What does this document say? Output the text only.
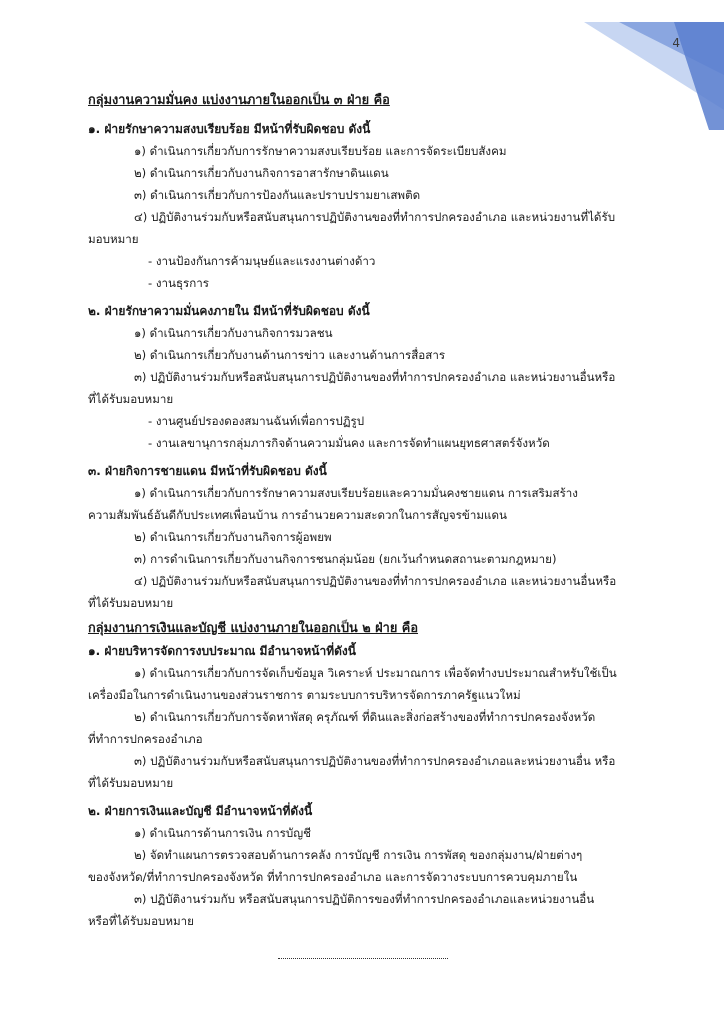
4
กลุ่มงานความมั่นคง แบ่งงานภายในออกเป็น ๓ ฝ่าย คือ
๑. ฝ่ายรักษาความสงบเรียบร้อย มีหน้าที่รับผิดชอบ ดังนี้
๑) ดำเนินการเกี่ยวกับการรักษาความสงบเรียบร้อย และการจัดระเบียบสังคม
๒) ดำเนินการเกี่ยวกับงานกิจการอาสารักษาดินแดน
๓) ดำเนินการเกี่ยวกับการป้องกันและปราบปรามยาเสพติด
๔) ปฏิบัติงานร่วมกับหรือสนับสนุนการปฏิบัติงานของที่ทำการปกครองอำเภอ และหน่วยงานที่ได้รับ
มอบหมาย
- งานป้องกันการค้ามนุษย์และแรงงานต่างด้าว
- งานธุรการ
๒. ฝ่ายรักษาความมั่นคงภายใน มีหน้าที่รับผิดชอบ ดังนี้
๑) ดำเนินการเกี่ยวกับงานกิจการมวลชน
๒) ดำเนินการเกี่ยวกับงานด้านการข่าว และงานด้านการสื่อสาร
๓) ปฏิบัติงานร่วมกับหรือสนับสนุนการปฏิบัติงานของที่ทำการปกครองอำเภอ และหน่วยงานอื่นหรือ
ที่ได้รับมอบหมาย
- งานศูนย์ปรองดองสมานฉันท์เพื่อการปฏิรูป
- งานเลขานุการกลุ่มภารกิจด้านความมั่นคง และการจัดทำแผนยุทธศาสตร์จังหวัด
๓. ฝ่ายกิจการชายแดน มีหน้าที่รับผิดชอบ ดังนี้
๑) ดำเนินการเกี่ยวกับการรักษาความสงบเรียบร้อยและความมั่นคงชายแดน การเสริมสร้าง
ความสัมพันธ์อันดีกับประเทศเพื่อนบ้าน การอำนวยความสะดวกในการสัญจรข้ามแดน
๒) ดำเนินการเกี่ยวกับงานกิจการผู้อพยพ
๓) การดำเนินการเกี่ยวกับงานกิจการชนกลุ่มน้อย (ยกเว้นกำหนดสถานะตามกฎหมาย)
๔) ปฏิบัติงานร่วมกับหรือสนับสนุนการปฏิบัติงานของที่ทำการปกครองอำเภอ และหน่วยงานอื่นหรือ
ที่ได้รับมอบหมาย
กลุ่มงานการเงินและบัญชี แบ่งงานภายในออกเป็น ๒ ฝ่าย คือ
๑. ฝ่ายบริหารจัดการงบประมาณ มีอำนาจหน้าที่ดังนี้
๑) ดำเนินการเกี่ยวกับการจัดเก็บข้อมูล วิเคราะห์ ประมาณการ เพื่อจัดทำงบประมาณสำหรับใช้เป็น
เครื่องมือในการดำเนินงานของส่วนราชการ ตามระบบการบริหารจัดการภาครัฐแนวใหม่
๒) ดำเนินการเกี่ยวกับการจัดหาพัสดุ ครุภัณฑ์ ที่ดินและสิ่งก่อสร้างของที่ทำการปกครองจังหวัด
ที่ทำการปกครองอำเภอ
๓) ปฏิบัติงานร่วมกับหรือสนับสนุนการปฏิบัติงานของที่ทำการปกครองอำเภอและหน่วยงานอื่น หรือ
ที่ได้รับมอบหมาย
๒. ฝ่ายการเงินและบัญชี มีอำนาจหน้าที่ดังนี้
๑) ดำเนินการด้านการเงิน การบัญชี
๒) จัดทำแผนการตรวจสอบด้านการคลัง การบัญชี การเงิน การพัสดุ ของกลุ่มงาน/ฝ่ายต่างๆ
ของจังหวัด/ที่ทำการปกครองจังหวัด ที่ทำการปกครองอำเภอ และการจัดวางระบบการควบคุมภายใน
๓) ปฏิบัติงานร่วมกับ หรือสนับสนุนการปฏิบัติการของที่ทำการปกครองอำเภอและหน่วยงานอื่น
หรือที่ได้รับมอบหมาย
